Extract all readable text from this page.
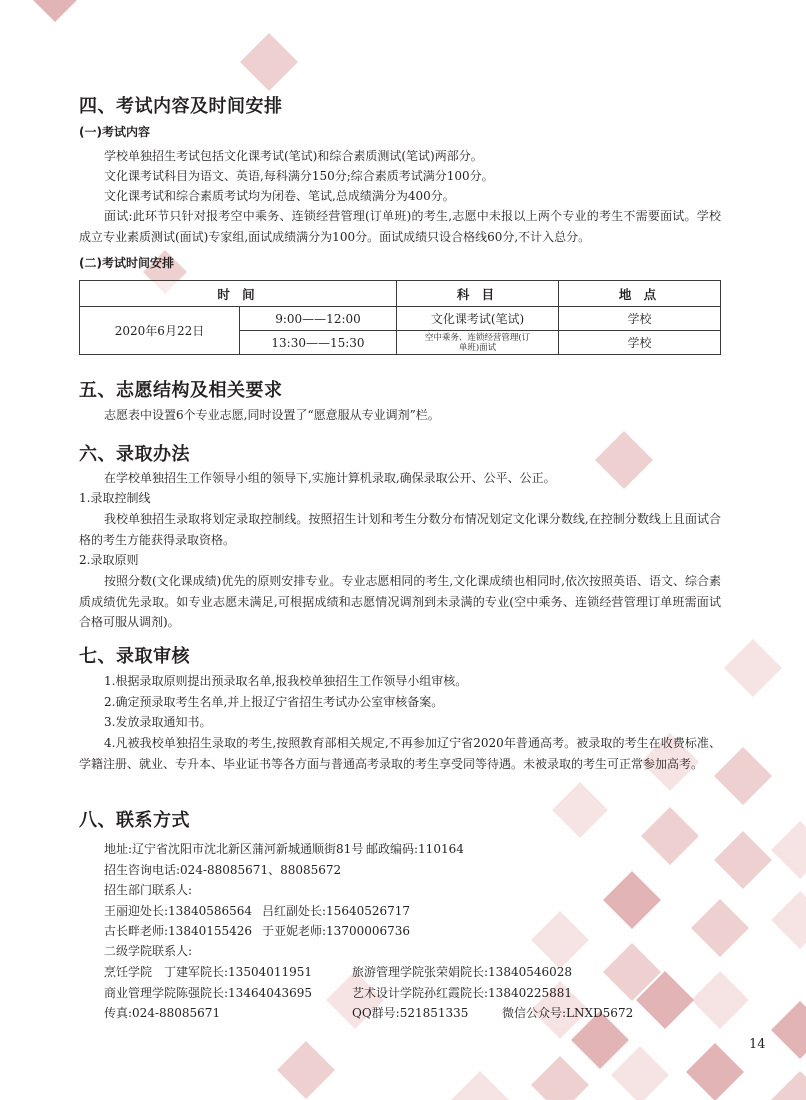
四、考试内容及时间安排
(一)考试内容
学校单独招生考试包括文化课考试(笔试)和综合素质测试(笔试)两部分。
文化课考试科目为语文、英语,每科满分150分;综合素质考试满分100分。
文化课考试和综合素质考试均为闭卷、笔试,总成绩满分为400分。
面试:此环节只针对报考空中乘务、连锁经营管理(订单班)的考生,志愿中未报以上两个专业的考生不需要面试。学校成立专业素质测试(面试)专家组,面试成绩满分为100分。面试成绩只设合格线60分,不计入总分。
(二)考试时间安排
时 间		科 目	地 点
2020年6月22日	9:00——12:00	文化课考试(笔试)	学校
	13:30——15:30	空中乘务、连锁经营管理(订单班)面试	学校
五、志愿结构及相关要求
志愿表中设置6个专业志愿,同时设置了“愿意服从专业调剂”栏。
六、录取办法
在学校单独招生工作领导小组的领导下,实施计算机录取,确保录取公开、公平、公正。
1.录取控制线
我校单独招生录取将划定录取控制线。按照招生计划和考生分数分布情况划定文化课分数线,在控制分数线上且面试合格的考生方能获得录取资格。
2.录取原则
按照分数(文化课成绩)优先的原则安排专业。专业志愿相同的考生,文化课成绩也相同时,依次按照英语、语文、综合素质成绩优先录取。如专业志愿未满足,可根据成绩和志愿情况调剂到未录满的专业(空中乘务、连锁经营管理订单班需面试合格可服从调剂)。
七、录取审核
1.根据录取原则提出预录取名单,报我校单独招生工作领导小组审核。
2.确定预录取考生名单,并上报辽宁省招生考试办公室审核备案。
3.发放录取通知书。
4.凡被我校单独招生录取的考生,按照教育部相关规定,不再参加辽宁省2020年普通高考。被录取的考生在收费标准、学籍注册、就业、专升本、毕业证书等各方面与普通高考录取的考生享受同等待遇。未被录取的考生可正常参加高考。
八、联系方式
地址:辽宁省沈阳市沈北新区蒲河新城通顺街81号 邮政编码:110164
招生咨询电话:024-88085671、88085672
招生部门联系人:
王丽迎处长:13840586564 吕红副处长:15640526717
古长畔老师:13840155426 于亚妮老师:13700006736
二级学院联系人:
烹饪学院　丁建军院长:13504011951	旅游管理学院张荣娟院长:13840546028
商业管理学院陈强院长:13464043695	艺术设计学院孙红霞院长:13840225881
传真:024-88085671	QQ群号:521851335	微信公众号:LNXD5672
14
